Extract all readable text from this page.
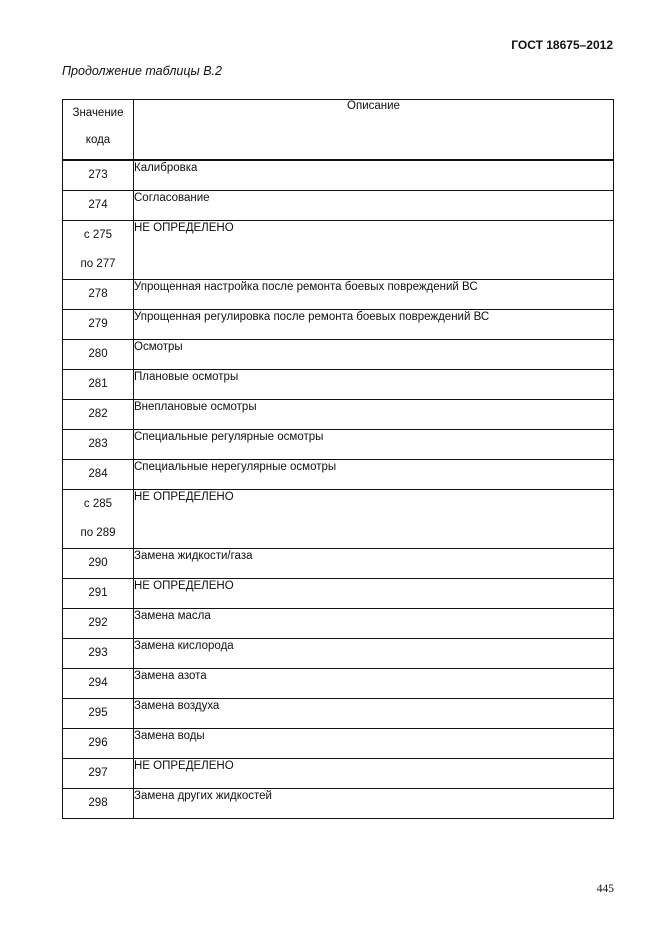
ГОСТ 18675–2012
Продолжение таблицы В.2
Значение
кода	Описание

273	Калибровка

274	Согласование

с 275
по 277	НЕ ОПРЕДЕЛЕНО

278	Упрощенная настройка после ремонта боевых повреждений ВС

279	Упрощенная регулировка после ремонта боевых повреждений ВС

280	Осмотры

281	Плановые осмотры

282	Внеплановые осмотры

283	Специальные регулярные осмотры

284	Специальные нерегулярные осмотры

с 285
по 289	НЕ ОПРЕДЕЛЕНО

290	Замена жидкости/газа

291	НЕ ОПРЕДЕЛЕНО

292	Замена масла

293	Замена кислорода

294	Замена азота

295	Замена воздуха

296	Замена воды

297	НЕ ОПРЕДЕЛЕНО

298	Замена других жидкостей
445
